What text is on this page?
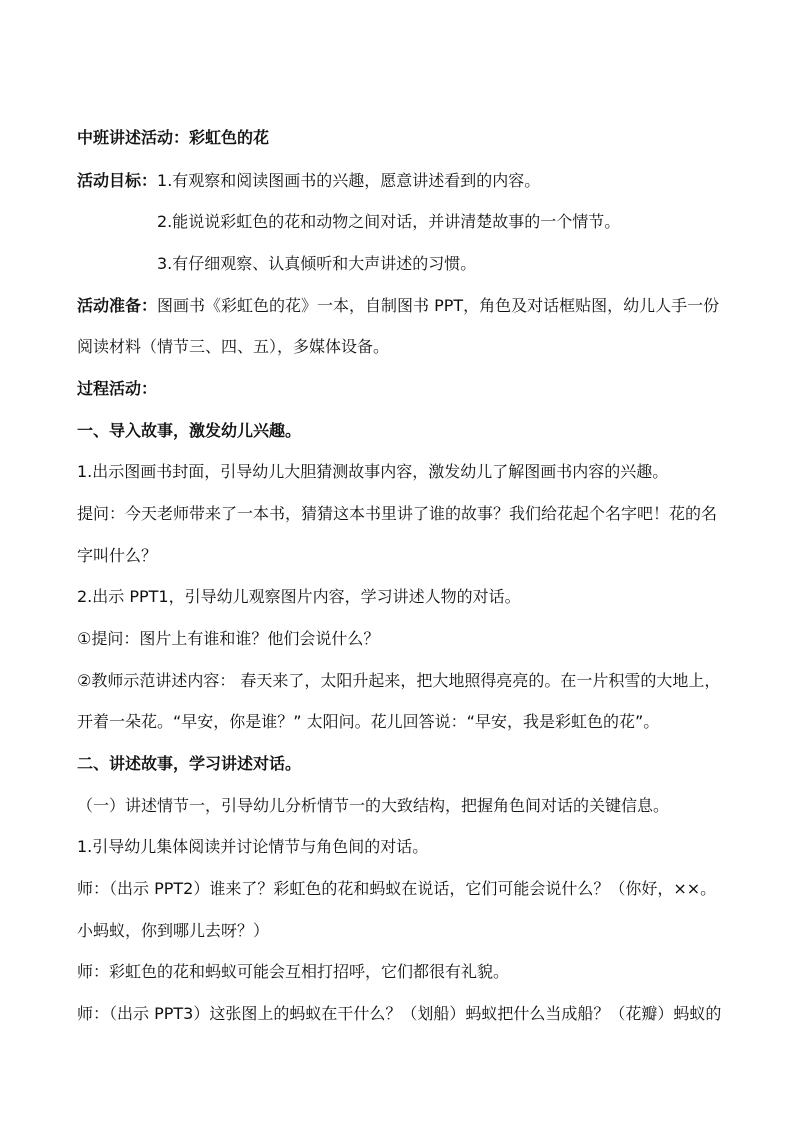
中班讲述活动：彩虹色的花
活动目标：1.有观察和阅读图画书的兴趣，愿意讲述看到的内容。
2.能说说彩虹色的花和动物之间对话，并讲清楚故事的一个情节。
3.有仔细观察、认真倾听和大声讲述的习惯。
活动准备：图画书《彩虹色的花》一本，自制图书 PPT，角色及对话框贴图，幼儿人手一份
阅读材料（情节三、四、五），多媒体设备。
过程活动：
一、导入故事，激发幼儿兴趣。
1.出示图画书封面，引导幼儿大胆猜测故事内容，激发幼儿了解图画书内容的兴趣。
提问：今天老师带来了一本书，猜猜这本书里讲了谁的故事？我们给花起个名字吧！花的名
字叫什么？
2.出示 PPT1，引导幼儿观察图片内容，学习讲述人物的对话。
①提问：图片上有谁和谁？他们会说什么？
②教师示范讲述内容： 春天来了，太阳升起来，把大地照得亮亮的。在一片积雪的大地上，
开着一朵花。“早安，你是谁？” 太阳问。花儿回答说：“早安，我是彩虹色的花”。
二、讲述故事，学习讲述对话。
（一）讲述情节一，引导幼儿分析情节一的大致结构，把握角色间对话的关键信息。
1.引导幼儿集体阅读并讨论情节与角色间的对话。
师：（出示 PPT2）谁来了？彩虹色的花和蚂蚁在说话，它们可能会说什么？（你好，××。
小蚂蚁，你到哪儿去呀？）
师：彩虹色的花和蚂蚁可能会互相打招呼，它们都很有礼貌。
师：（出示 PPT3）这张图上的蚂蚁在干什么？（划船）蚂蚁把什么当成船？（花瓣）蚂蚁的
